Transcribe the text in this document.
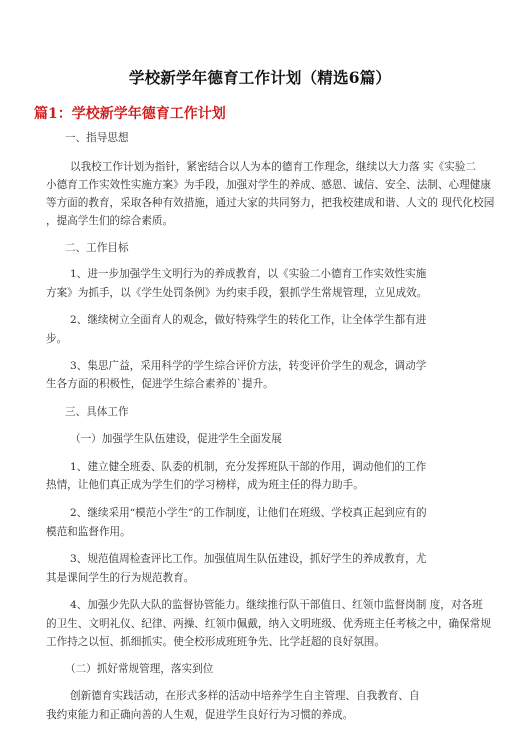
学校新学年德育工作计划（精选6篇）
篇1：学校新学年德育工作计划
一、指导思想
以我校工作计划为指针，紧密结合以人为本的德育工作理念，继续以大力落 实《实验二
小德育工作实效性实施方案》为手段，加强对学生的养成、感恩、诚信、安全、法制、心理健康
等方面的教育，采取各种有效措施，通过大家的共同努力，把我校建成和谐、人文的 现代化校园
，提高学生们的综合素质。
二、工作目标
1、进一步加强学生文明行为的养成教育，以《实验二小德育工作实效性实施
方案》为抓手，以《学生处罚条例》为约束手段，狠抓学生常规管理，立见成效。
2、继续树立全面育人的观念，做好特殊学生的转化工作，让全体学生都有进
步。
3、集思广益，采用科学的学生综合评价方法，转变评价学生的观念，调动学
生各方面的积极性，促进学生综合素养的`提升。
三、具体工作
（一）加强学生队伍建设，促进学生全面发展
1、建立健全班委、队委的机制，充分发挥班队干部的作用，调动他们的工作
热情，让他们真正成为学生们的学习榜样，成为班主任的得力助手。
2、继续采用“模范小学生”的工作制度，让他们在班级、学校真正起到应有的
模范和监督作用。
3、规范值周检查评比工作。加强值周生队伍建设，抓好学生的养成教育，尤
其是课间学生的行为规范教育。
4、加强少先队大队的监督协管能力。继续推行队干部值日、红领巾监督岗制 度，对各班
的卫生、文明礼仪、纪律、两操、红领巾佩戴，纳入文明班级、优秀班主任考核之中，确保常规
工作持之以恒、抓细抓实。使全校形成班班争先、比学赶超的良好氛围。
（二）抓好常规管理，落实到位
创新德育实践活动，在形式多样的活动中培养学生自主管理、自我教育、自
我约束能力和正确向善的人生观，促进学生良好行为习惯的养成。
